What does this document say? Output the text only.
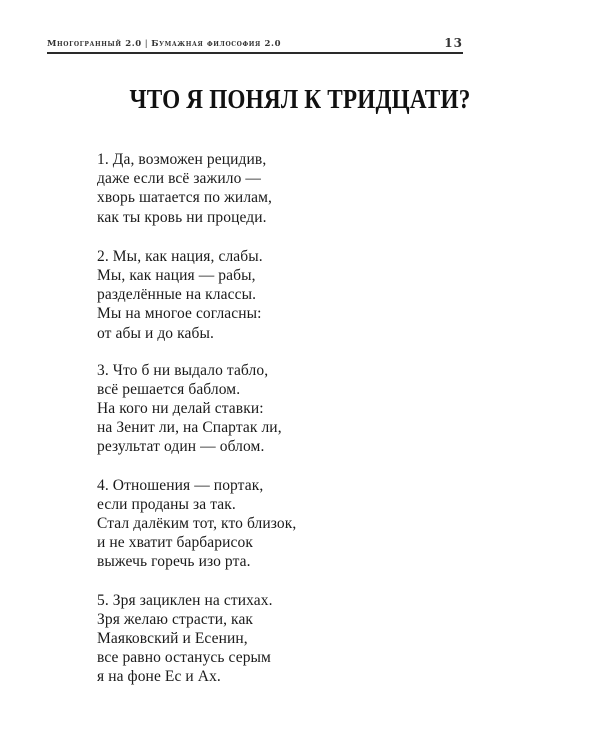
Многогранный 2.0 | Бумажная философия 2.0	13
ЧТО Я ПОНЯЛ К ТРИДЦАТИ?
1. Да, возможен рецидив,
даже если всё зажило —
хворь шатается по жилам,
как ты кровь ни процеди.
2. Мы, как нация, слабы.
Мы, как нация — рабы,
разделённые на классы.
Мы на многое согласны:
от абы и до кабы.
3. Что б ни выдало табло,
всё решается баблом.
На кого ни делай ставки:
на Зенит ли, на Спартак ли,
результат один — облом.
4. Отношения — портак,
если проданы за так.
Стал далёким тот, кто близок,
и не хватит барбарисок
выжечь горечь изо рта.
5. Зря зациклен на стихах.
Зря желаю страсти, как
Маяковский и Есенин,
все равно останусь серым
я на фоне Ес и Ах.
